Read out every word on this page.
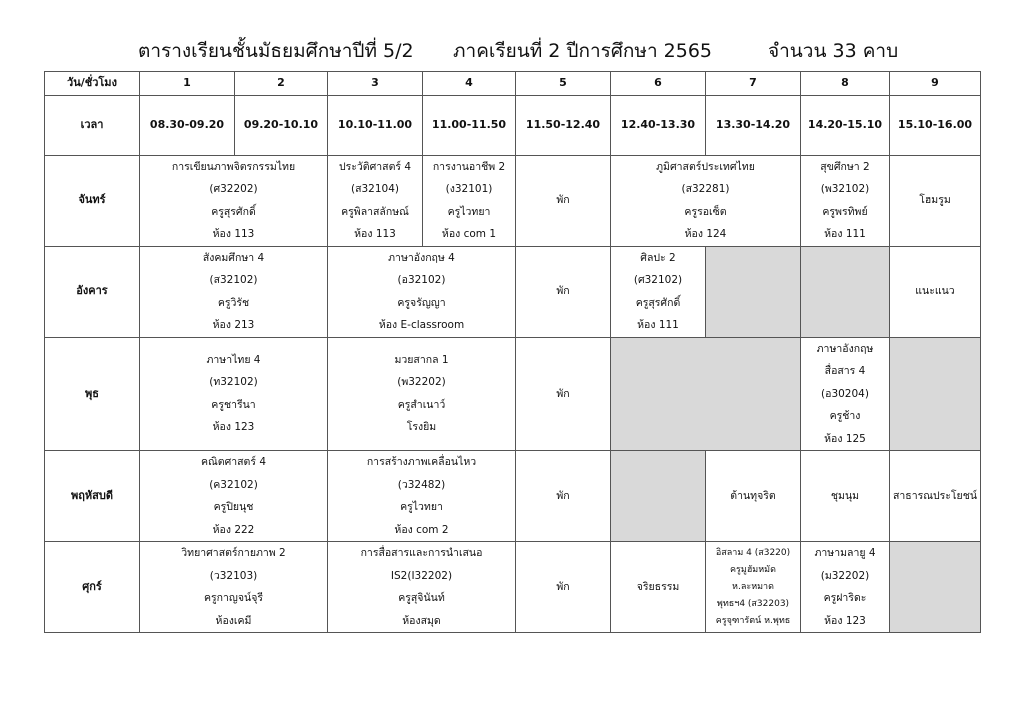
ตารางเรียนชั้นมัธยมศึกษาปีที่ 5/2 ภาคเรียนที่ 2 ปีการศึกษา 2565	จำนวน 33 คาบ
วัน/ชั่วโมง	1	2	3	4	5	6	7	8	9
เวลา	08.30-09.20	09.20-10.10	10.10-11.00	11.00-11.50	11.50-12.40	12.40-13.30	13.30-14.20	14.20-15.10	15.10-16.00
จันทร์	การเขียนภาพจิตรกรรมไทย
(ศ32202)
ครูสุรศักดิ์
ห้อง 113		ประวัติศาสตร์ 4
(ส32104)
ครูพิลาสลักษณ์
ห้อง 113	การงานอาชีพ 2
(ง32101)
ครูไวทยา
ห้อง com 1	พัก	ภูมิศาสตร์ประเทศไทย
(ส32281)
ครูรอเซ็ต
ห้อง 124		สุขศึกษา 2
(พ32102)
ครูพรทิพย์
ห้อง 111	โฮมรูม

อังคาร	สังคมศึกษา 4
(ส32102)
ครูวิรัช
ห้อง 213		ภาษาอังกฤษ 4
(อ32102)
ครูจรัญญา
ห้อง E-classroom		พัก	ศิลปะ 2
(ศ32102)
ครูสุรศักดิ์
ห้อง 111			แนะแนว

พุธ	ภาษาไทย 4
(ท32102)
ครูชารีนา
ห้อง 123		มวยสากล 1
(พ32202)
ครูสำเนาว์
โรงยิม		พัก			ภาษาอังกฤษ
สื่อสาร 4
(อ30204)
ครูช้าง
ห้อง 125	

พฤหัสบดี	คณิตศาสตร์ 4
(ค32102)
ครูปิยนุช
ห้อง 222		การสร้างภาพเคลื่อนไหว
(ว32482)
ครูไวทยา
ห้อง com 2		พัก		ต้านทุจริต	ชุมนุม	สาธารณประโยชน์

ศุกร์	วิทยาศาสตร์กายภาพ 2
(ว32103)
ครูกาญจน์จุรี
ห้องเคมี		การสื่อสารและการนำเสนอ
IS2(I32202)
ครูสุจินันท์
ห้องสมุด		พัก	จริยธรรม	อิสลาม 4 (ส3220)
ครูมูฮัมหมัด
ห.ละหมาด
พุทธฯ4 (ส32203)
ครูจุฑารัตน์ ห.พุทธ	ภาษามลายู 4
(ม32202)
ครูฝาริดะ
ห้อง 123	
